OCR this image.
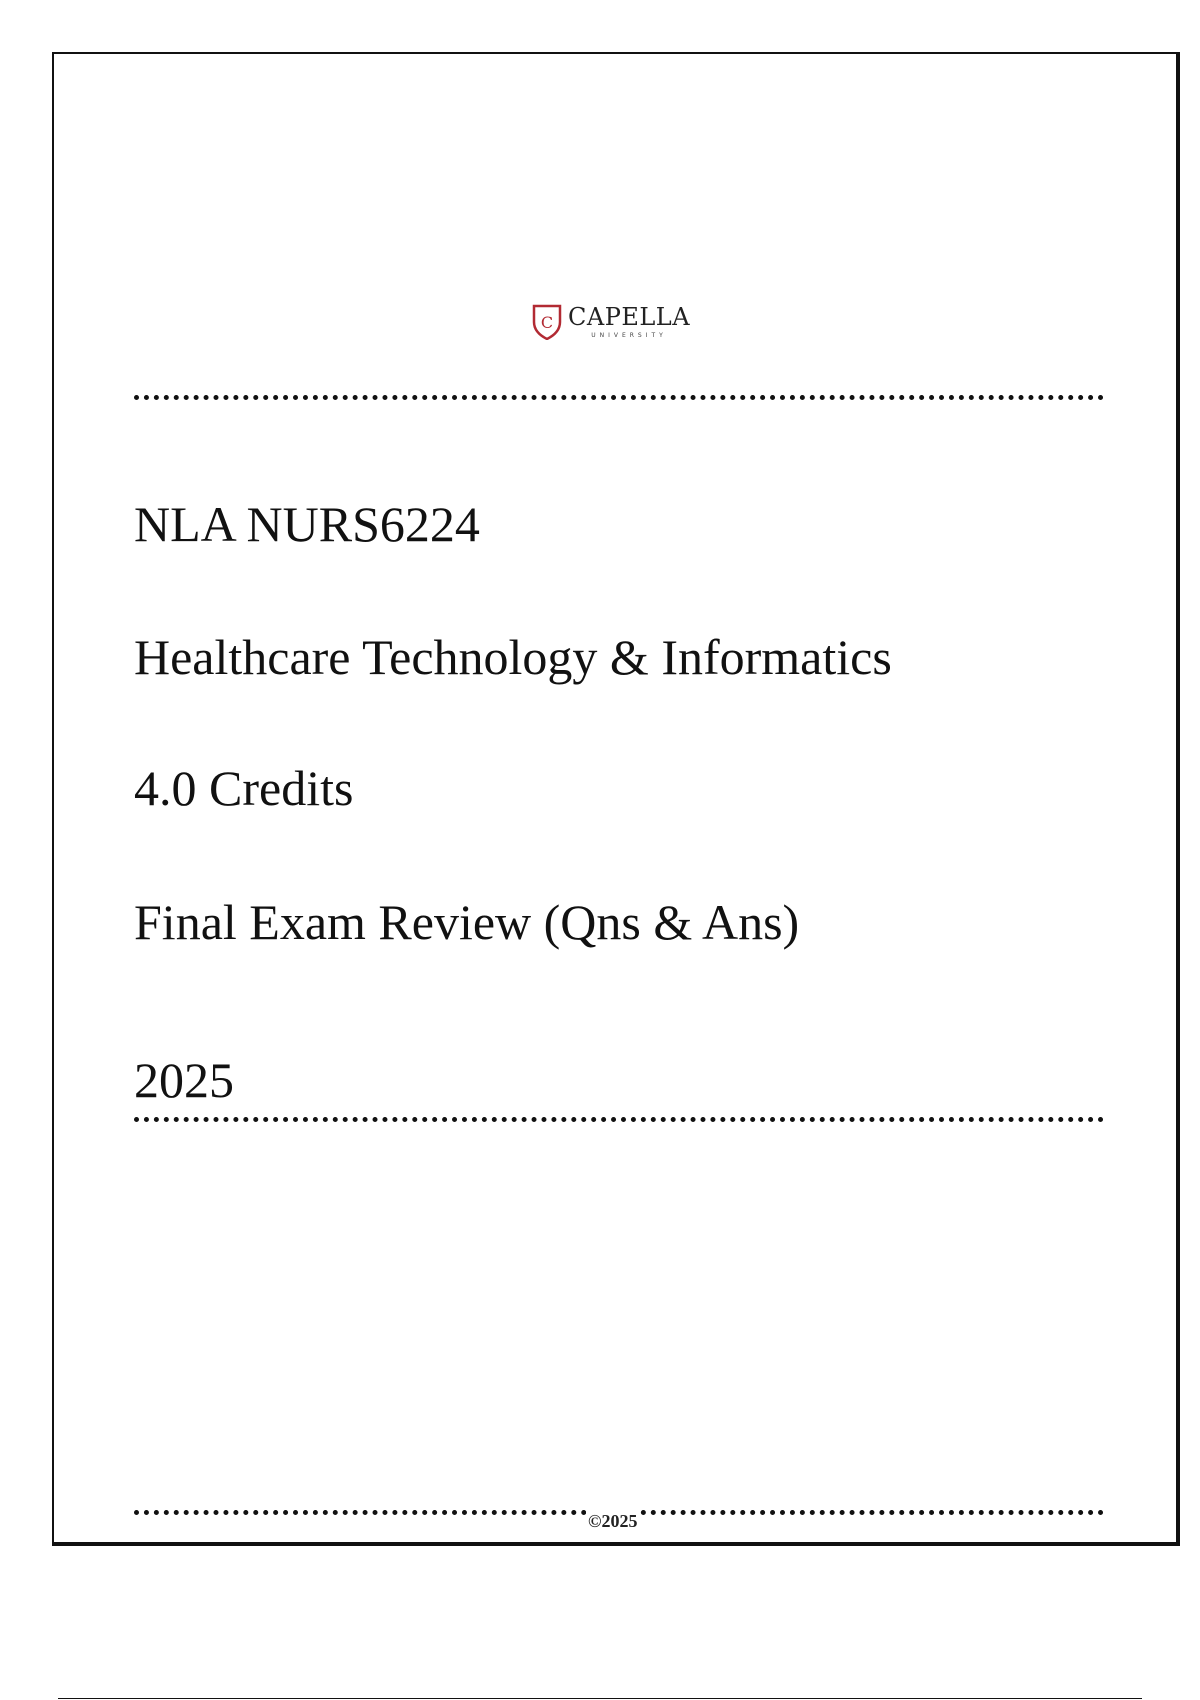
C CAPELLA
UNIVERSITY

NLA NURS6224

Healthcare Technology & Informatics

4.0 Credits

Final Exam Review (Qns & Ans)

2025

©2025
